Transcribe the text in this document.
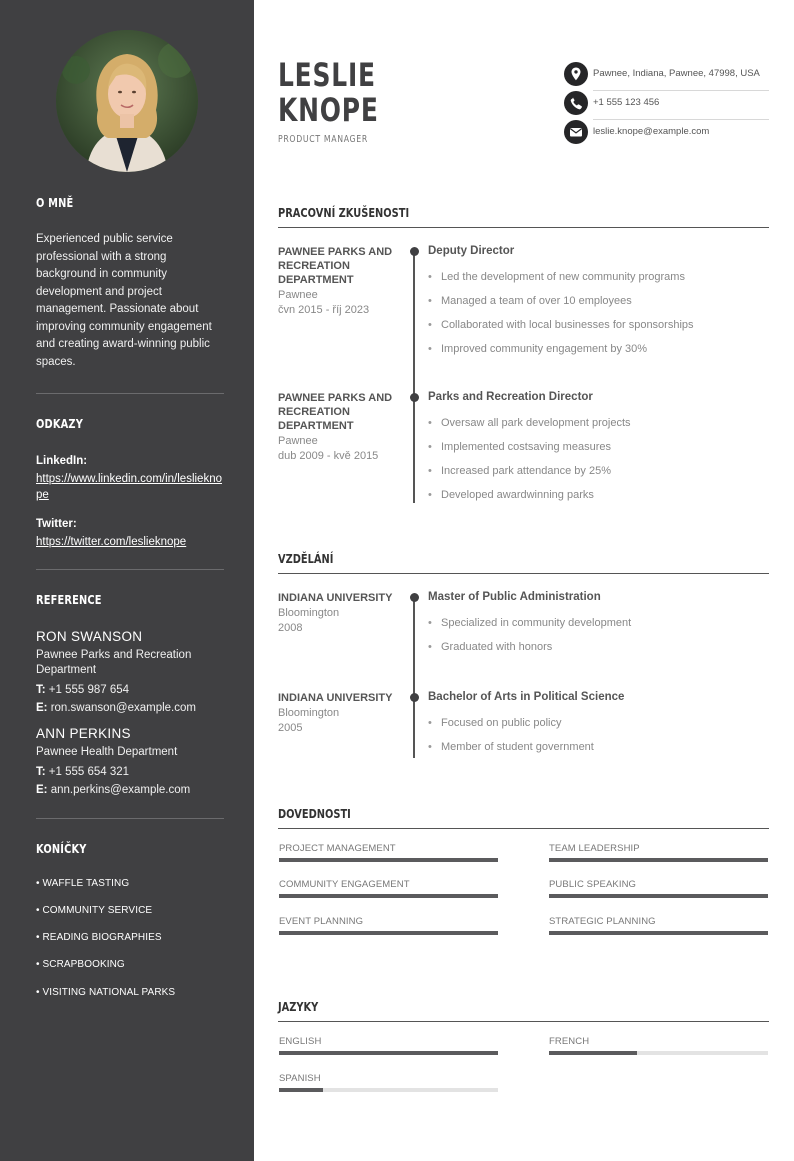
O MNĚ
Experienced public service professional with a strong background in community development and project management. Passionate about improving community engagement and creating award-winning public spaces.
ODKAZY
LinkedIn:
https://www.linkedin.com/in/leslieknope
Twitter:
https://twitter.com/leslieknope
REFERENCE
RON SWANSON
Pawnee Parks and Recreation Department
T: +1 555 987 654
E: ron.swanson@example.com
ANN PERKINS
Pawnee Health Department
T: +1 555 654 321
E: ann.perkins@example.com
KONÍČKY
• WAFFLE TASTING
• COMMUNITY SERVICE
• READING BIOGRAPHIES
• SCRAPBOOKING
• VISITING NATIONAL PARKS
LESLIE
KNOPE
PRODUCT MANAGER
Pawnee, Indiana, Pawnee, 47998, USA
+1 555 123 456
leslie.knope@example.com
PRACOVNÍ ZKUŠENOSTI
PAWNEE PARKS AND RECREATION DEPARTMENT
Pawnee
čvn 2015 - říj 2023
Deputy Director
• Led the development of new community programs
• Managed a team of over 10 employees
• Collaborated with local businesses for sponsorships
• Improved community engagement by 30%
PAWNEE PARKS AND RECREATION DEPARTMENT
Pawnee
dub 2009 - kvě 2015
Parks and Recreation Director
• Oversaw all park development projects
• Implemented costsaving measures
• Increased park attendance by 25%
• Developed awardwinning parks
VZDĚLÁNÍ
INDIANA UNIVERSITY
Bloomington
2008
Master of Public Administration
• Specialized in community development
• Graduated with honors
INDIANA UNIVERSITY
Bloomington
2005
Bachelor of Arts in Political Science
• Focused on public policy
• Member of student government
DOVEDNOSTI
PROJECT MANAGEMENT	TEAM LEADERSHIP
COMMUNITY ENGAGEMENT	PUBLIC SPEAKING
EVENT PLANNING	STRATEGIC PLANNING
JAZYKY
ENGLISH	FRENCH
SPANISH
